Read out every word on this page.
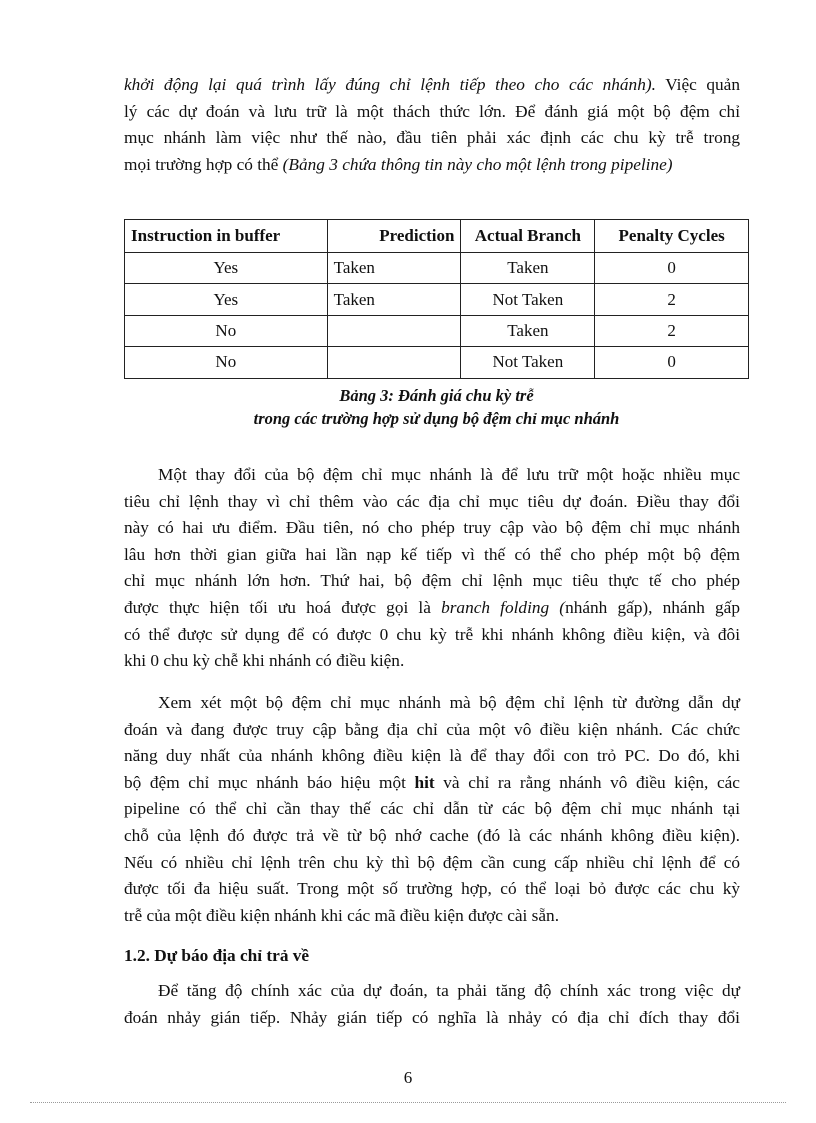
khởi động lại quá trình lấy đúng chỉ lệnh tiếp theo cho các nhánh). Việc quản
lý các dự đoán và lưu trữ là một thách thức lớn. Để đánh giá một bộ đệm chỉ
mục nhánh làm việc như thế nào, đầu tiên phải xác định các chu kỳ trễ trong
mọi trường hợp có thể (Bảng 3 chứa thông tin này cho một lệnh trong pipeline)
Instruction in buffer	Prediction	Actual Branch	Penalty Cycles
Yes	Taken	Taken	0
Yes	Taken	Not Taken	2
No		Taken	2
No		Not Taken	0
Bảng 3: Đánh giá chu kỳ trễ
trong các trường hợp sử dụng bộ đệm chỉ mục nhánh
Một thay đổi của bộ đệm chỉ mục nhánh là để lưu trữ một hoặc nhiều mục
tiêu chỉ lệnh thay vì chỉ thêm vào các địa chỉ mục tiêu dự đoán. Điều thay đổi
này có hai ưu điểm. Đầu tiên, nó cho phép truy cập vào bộ đệm chỉ mục nhánh
lâu hơn thời gian giữa hai lần nạp kế tiếp vì thế có thể cho phép một bộ đệm
chỉ mục nhánh lớn hơn. Thứ hai, bộ đệm chỉ lệnh mục tiêu thực tế cho phép
được thực hiện tối ưu hoá được gọi là branch folding (nhánh gấp), nhánh gấp
có thể được sử dụng để có được 0 chu kỳ trễ khi nhánh không điều kiện, và đôi
khi 0 chu kỳ chễ khi nhánh có điều kiện.
Xem xét một bộ đệm chỉ mục nhánh mà bộ đệm chỉ lệnh từ đường dẫn dự
đoán và đang được truy cập bằng địa chỉ của một vô điều kiện nhánh. Các chức
năng duy nhất của nhánh không điều kiện là để thay đổi con trỏ PC. Do đó, khi
bộ đệm chỉ mục nhánh báo hiệu một hit và chỉ ra rằng nhánh vô điều kiện, các
pipeline có thể chỉ cần thay thế các chỉ dẫn từ các bộ đệm chỉ mục nhánh tại
chỗ của lệnh đó được trả về từ bộ nhớ cache (đó là các nhánh không điều kiện).
Nếu có nhiều chỉ lệnh trên chu kỳ thì bộ đệm cần cung cấp nhiều chỉ lệnh để có
được tối đa hiệu suất. Trong một số trường hợp, có thể loại bỏ được các chu kỳ
trễ của một điều kiện nhánh khi các mã điều kiện được cài sẵn.
1.2. Dự báo địa chỉ trả về
Để tăng độ chính xác của dự đoán, ta phải tăng độ chính xác trong việc dự
đoán nhảy gián tiếp. Nhảy gián tiếp có nghĩa là nhảy có địa chỉ đích thay đổi
6
